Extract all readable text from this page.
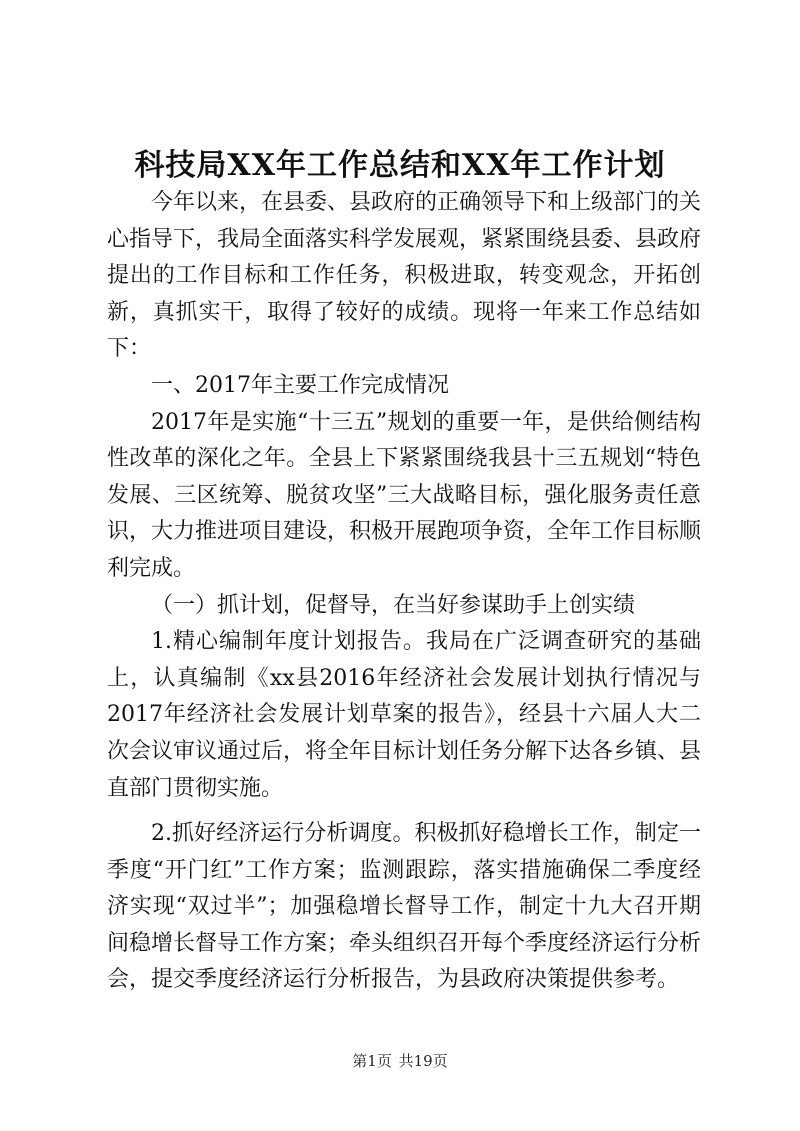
科技局XX年工作总结和XX年工作计划

今年以来，在县委、县政府的正确领导下和上级部门的关心指导下，我局全面落实科学发展观，紧紧围绕县委、县政府提出的工作目标和工作任务，积极进取，转变观念，开拓创新，真抓实干，取得了较好的成绩。现将一年来工作总结如下：

一、2017年主要工作完成情况

2017年是实施“十三五”规划的重要一年，是供给侧结构性改革的深化之年。全县上下紧紧围绕我县十三五规划“特色发展、三区统筹、脱贫攻坚”三大战略目标，强化服务责任意识，大力推进项目建设，积极开展跑项争资，全年工作目标顺利完成。

（一）抓计划，促督导，在当好参谋助手上创实绩

1.精心编制年度计划报告。我局在广泛调查研究的基础上，认真编制《xx县2016年经济社会发展计划执行情况与2017年经济社会发展计划草案的报告》，经县十六届人大二次会议审议通过后，将全年目标计划任务分解下达各乡镇、县直部门贯彻实施。

2.抓好经济运行分析调度。积极抓好稳增长工作，制定一季度“开门红”工作方案；监测跟踪，落实措施确保二季度经济实现“双过半”；加强稳增长督导工作，制定十九大召开期间稳增长督导工作方案；牵头组织召开每个季度经济运行分析会，提交季度经济运行分析报告，为县政府决策提供参考。

第1页 共19页
